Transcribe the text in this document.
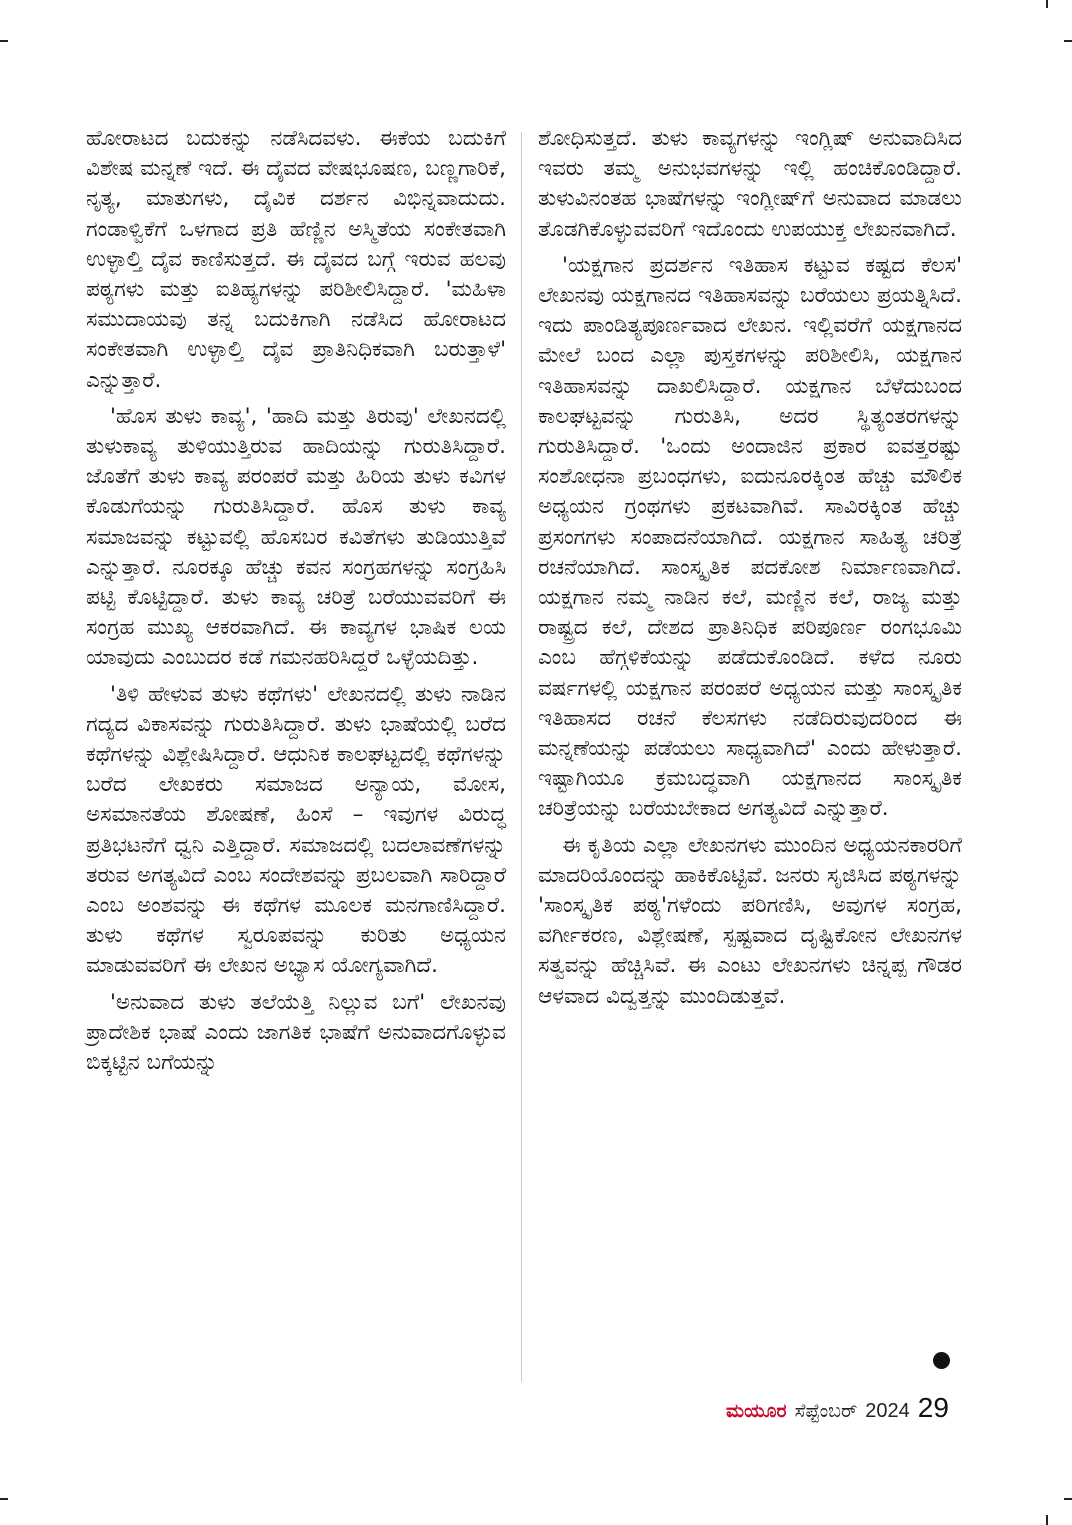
ಹೋರಾಟದ ಬದುಕನ್ನು ನಡೆಸಿದವಳು. ಈಕೆಯ ಬದುಕಿಗೆ ವಿಶೇಷ ಮನ್ನಣೆ ಇದೆ. ಈ ದೈವದ ವೇಷಭೂಷಣ, ಬಣ್ಣಗಾರಿಕೆ, ನೃತ್ಯ, ಮಾತುಗಳು, ದೈವಿಕ ದರ್ಶನ ವಿಭಿನ್ನವಾದುದು. ಗಂಡಾಳ್ವಿಕೆಗೆ ಒಳಗಾದ ಪ್ರತಿ ಹೆಣ್ಣಿನ ಅಸ್ಮಿತೆಯ ಸಂಕೇತವಾಗಿ ಉಳ್ಳಾಲ್ತಿ ದೈವ ಕಾಣಿಸುತ್ತದೆ. ಈ ದೈವದ ಬಗ್ಗೆ ಇರುವ ಹಲವು ಪಠ್ಯಗಳು ಮತ್ತು ಐತಿಹ್ಯಗಳನ್ನು ಪರಿಶೀಲಿಸಿದ್ದಾರೆ. 'ಮಹಿಳಾ ಸಮುದಾಯವು ತನ್ನ ಬದುಕಿಗಾಗಿ ನಡೆಸಿದ ಹೋರಾಟದ ಸಂಕೇತವಾಗಿ ಉಳ್ಳಾಲ್ತಿ ದೈವ ಪ್ರಾತಿನಿಧಿಕವಾಗಿ ಬರುತ್ತಾಳೆ' ಎನ್ನುತ್ತಾರೆ.

'ಹೊಸ ತುಳು ಕಾವ್ಯ', 'ಹಾದಿ ಮತ್ತು ತಿರುವು' ಲೇಖನದಲ್ಲಿ ತುಳುಕಾವ್ಯ ತುಳಿಯುತ್ತಿರುವ ಹಾದಿಯನ್ನು ಗುರುತಿಸಿದ್ದಾರೆ. ಜೊತೆಗೆ ತುಳು ಕಾವ್ಯ ಪರಂಪರೆ ಮತ್ತು ಹಿರಿಯ ತುಳು ಕವಿಗಳ ಕೊಡುಗೆಯನ್ನು ಗುರುತಿಸಿದ್ದಾರೆ. ಹೊಸ ತುಳು ಕಾವ್ಯ ಸಮಾಜವನ್ನು ಕಟ್ಟುವಲ್ಲಿ ಹೊಸಬರ ಕವಿತೆಗಳು ತುಡಿಯುತ್ತಿವೆ ಎನ್ನುತ್ತಾರೆ. ನೂರಕ್ಕೂ ಹೆಚ್ಚು ಕವನ ಸಂಗ್ರಹಗಳನ್ನು ಸಂಗ್ರಹಿಸಿ ಪಟ್ಟಿ ಕೊಟ್ಟಿದ್ದಾರೆ. ತುಳು ಕಾವ್ಯ ಚರಿತ್ರೆ ಬರೆಯುವವರಿಗೆ ಈ ಸಂಗ್ರಹ ಮುಖ್ಯ ಆಕರವಾಗಿದೆ. ಈ ಕಾವ್ಯಗಳ ಭಾಷಿಕ ಲಯ ಯಾವುದು ಎಂಬುದರ ಕಡೆ ಗಮನಹರಿಸಿದ್ದರೆ ಒಳ್ಳೆಯದಿತ್ತು.

'ತಿಳಿ ಹೇಳುವ ತುಳು ಕಥೆಗಳು' ಲೇಖನದಲ್ಲಿ ತುಳು ನಾಡಿನ ಗದ್ಯದ ವಿಕಾಸವನ್ನು ಗುರುತಿಸಿದ್ದಾರೆ. ತುಳು ಭಾಷೆಯಲ್ಲಿ ಬರೆದ ಕಥೆಗಳನ್ನು ವಿಶ್ಲೇಷಿಸಿದ್ದಾರೆ. ಆಧುನಿಕ ಕಾಲಘಟ್ಟದಲ್ಲಿ ಕಥೆಗಳನ್ನು ಬರೆದ ಲೇಖಕರು ಸಮಾಜದ ಅನ್ಯಾಯ, ಮೋಸ, ಅಸಮಾನತೆಯ ಶೋಷಣೆ, ಹಿಂಸೆ – ಇವುಗಳ ವಿರುದ್ಧ ಪ್ರತಿಭಟನೆಗೆ ಧ್ವನಿ ಎತ್ತಿದ್ದಾರೆ. ಸಮಾಜದಲ್ಲಿ ಬದಲಾವಣೆಗಳನ್ನು ತರುವ ಅಗತ್ಯವಿದೆ ಎಂಬ ಸಂದೇಶವನ್ನು ಪ್ರಬಲವಾಗಿ ಸಾರಿದ್ದಾರೆ ಎಂಬ ಅಂಶವನ್ನು ಈ ಕಥೆಗಳ ಮೂಲಕ ಮನಗಾಣಿಸಿದ್ದಾರೆ. ತುಳು ಕಥೆಗಳ ಸ್ವರೂಪವನ್ನು ಕುರಿತು ಅಧ್ಯಯನ ಮಾಡುವವರಿಗೆ ಈ ಲೇಖನ ಅಭ್ಯಾಸ ಯೋಗ್ಯವಾಗಿದೆ.

'ಅನುವಾದ ತುಳು ತಲೆಯೆತ್ತಿ ನಿಲ್ಲುವ ಬಗೆ' ಲೇಖನವು ಪ್ರಾದೇಶಿಕ ಭಾಷೆ ಎಂದು ಜಾಗತಿಕ ಭಾಷೆಗೆ ಅನುವಾದಗೊಳ್ಳುವ ಬಿಕ್ಕಟ್ಟಿನ ಬಗೆಯನ್ನು

ಶೋಧಿಸುತ್ತದೆ. ತುಳು ಕಾವ್ಯಗಳನ್ನು ಇಂಗ್ಲಿಷ್ ಅನುವಾದಿಸಿದ ಇವರು ತಮ್ಮ ಅನುಭವಗಳನ್ನು ಇಲ್ಲಿ ಹಂಚಿಕೊಂಡಿದ್ದಾರೆ. ತುಳುವಿನಂತಹ ಭಾಷೆಗಳನ್ನು ಇಂಗ್ಲೀಷ್‌ಗೆ ಅನುವಾದ ಮಾಡಲು ತೊಡಗಿಕೊಳ್ಳುವವರಿಗೆ ಇದೊಂದು ಉಪಯುಕ್ತ ಲೇಖನವಾಗಿದೆ.

'ಯಕ್ಷಗಾನ ಪ್ರದರ್ಶನ ಇತಿಹಾಸ ಕಟ್ಟುವ ಕಷ್ಟದ ಕೆಲಸ' ಲೇಖನವು ಯಕ್ಷಗಾನದ ಇತಿಹಾಸವನ್ನು ಬರೆಯಲು ಪ್ರಯತ್ನಿಸಿದೆ. ಇದು ಪಾಂಡಿತ್ಯಪೂರ್ಣವಾದ ಲೇಖನ. ಇಲ್ಲಿವರೆಗೆ ಯಕ್ಷಗಾನದ ಮೇಲೆ ಬಂದ ಎಲ್ಲಾ ಪುಸ್ತಕಗಳನ್ನು ಪರಿಶೀಲಿಸಿ, ಯಕ್ಷಗಾನ ಇತಿಹಾಸವನ್ನು ದಾಖಲಿಸಿದ್ದಾರೆ. ಯಕ್ಷಗಾನ ಬೆಳೆದುಬಂದ ಕಾಲಘಟ್ಟವನ್ನು ಗುರುತಿಸಿ, ಅದರ ಸ್ಥಿತ್ಯಂತರಗಳನ್ನು ಗುರುತಿಸಿದ್ದಾರೆ. 'ಒಂದು ಅಂದಾಜಿನ ಪ್ರಕಾರ ಐವತ್ತರಷ್ಟು ಸಂಶೋಧನಾ ಪ್ರಬಂಧಗಳು, ಐದುನೂರಕ್ಕಿಂತ ಹೆಚ್ಚು ಮೌಲಿಕ ಅಧ್ಯಯನ ಗ್ರಂಥಗಳು ಪ್ರಕಟವಾಗಿವೆ. ಸಾವಿರಕ್ಕಿಂತ ಹೆಚ್ಚು ಪ್ರಸಂಗಗಳು ಸಂಪಾದನೆಯಾಗಿದೆ. ಯಕ್ಷಗಾನ ಸಾಹಿತ್ಯ ಚರಿತ್ರೆ ರಚನೆಯಾಗಿದೆ. ಸಾಂಸ್ಕೃತಿಕ ಪದಕೋಶ ನಿರ್ಮಾಣವಾಗಿದೆ. ಯಕ್ಷಗಾನ ನಮ್ಮ ನಾಡಿನ ಕಲೆ, ಮಣ್ಣಿನ ಕಲೆ, ರಾಜ್ಯ ಮತ್ತು ರಾಷ್ಟ್ರದ ಕಲೆ, ದೇಶದ ಪ್ರಾತಿನಿಧಿಕ ಪರಿಪೂರ್ಣ ರಂಗಭೂಮಿ ಎಂಬ ಹೆಗ್ಗಳಿಕೆಯನ್ನು ಪಡೆದುಕೊಂಡಿದೆ. ಕಳೆದ ನೂರು ವರ್ಷಗಳಲ್ಲಿ ಯಕ್ಷಗಾನ ಪರಂಪರೆ ಅಧ್ಯಯನ ಮತ್ತು ಸಾಂಸ್ಕೃತಿಕ ಇತಿಹಾಸದ ರಚನೆ ಕೆಲಸಗಳು ನಡೆದಿರುವುದರಿಂದ ಈ ಮನ್ನಣೆಯನ್ನು ಪಡೆಯಲು ಸಾಧ್ಯವಾಗಿದೆ' ಎಂದು ಹೇಳುತ್ತಾರೆ. ಇಷ್ಟಾಗಿಯೂ ಕ್ರಮಬದ್ಧವಾಗಿ ಯಕ್ಷಗಾನದ ಸಾಂಸ್ಕೃತಿಕ ಚರಿತ್ರೆಯನ್ನು ಬರೆಯಬೇಕಾದ ಅಗತ್ಯವಿದೆ ಎನ್ನುತ್ತಾರೆ.

ಈ ಕೃತಿಯ ಎಲ್ಲಾ ಲೇಖನಗಳು ಮುಂದಿನ ಅಧ್ಯಯನಕಾರರಿಗೆ ಮಾದರಿಯೊಂದನ್ನು ಹಾಕಿಕೊಟ್ಟಿವೆ. ಜನರು ಸೃಜಿಸಿದ ಪಠ್ಯಗಳನ್ನು 'ಸಾಂಸ್ಕೃತಿಕ ಪಠ್ಯ'ಗಳೆಂದು ಪರಿಗಣಿಸಿ, ಅವುಗಳ ಸಂಗ್ರಹ, ವರ್ಗೀಕರಣ, ವಿಶ್ಲೇಷಣೆ, ಸ್ಪಷ್ಟವಾದ ದೃಷ್ಟಿಕೋನ ಲೇಖನಗಳ ಸತ್ವವನ್ನು ಹೆಚ್ಚಿಸಿವೆ. ಈ ಎಂಟು ಲೇಖನಗಳು ಚಿನ್ನಪ್ಪ ಗೌಡರ ಆಳವಾದ ವಿದ್ವತ್ತನ್ನು ಮುಂದಿಡುತ್ತವೆ.

ಮಯೂರ ಸೆಪ್ಟೆಂಬರ್ 2024 29
